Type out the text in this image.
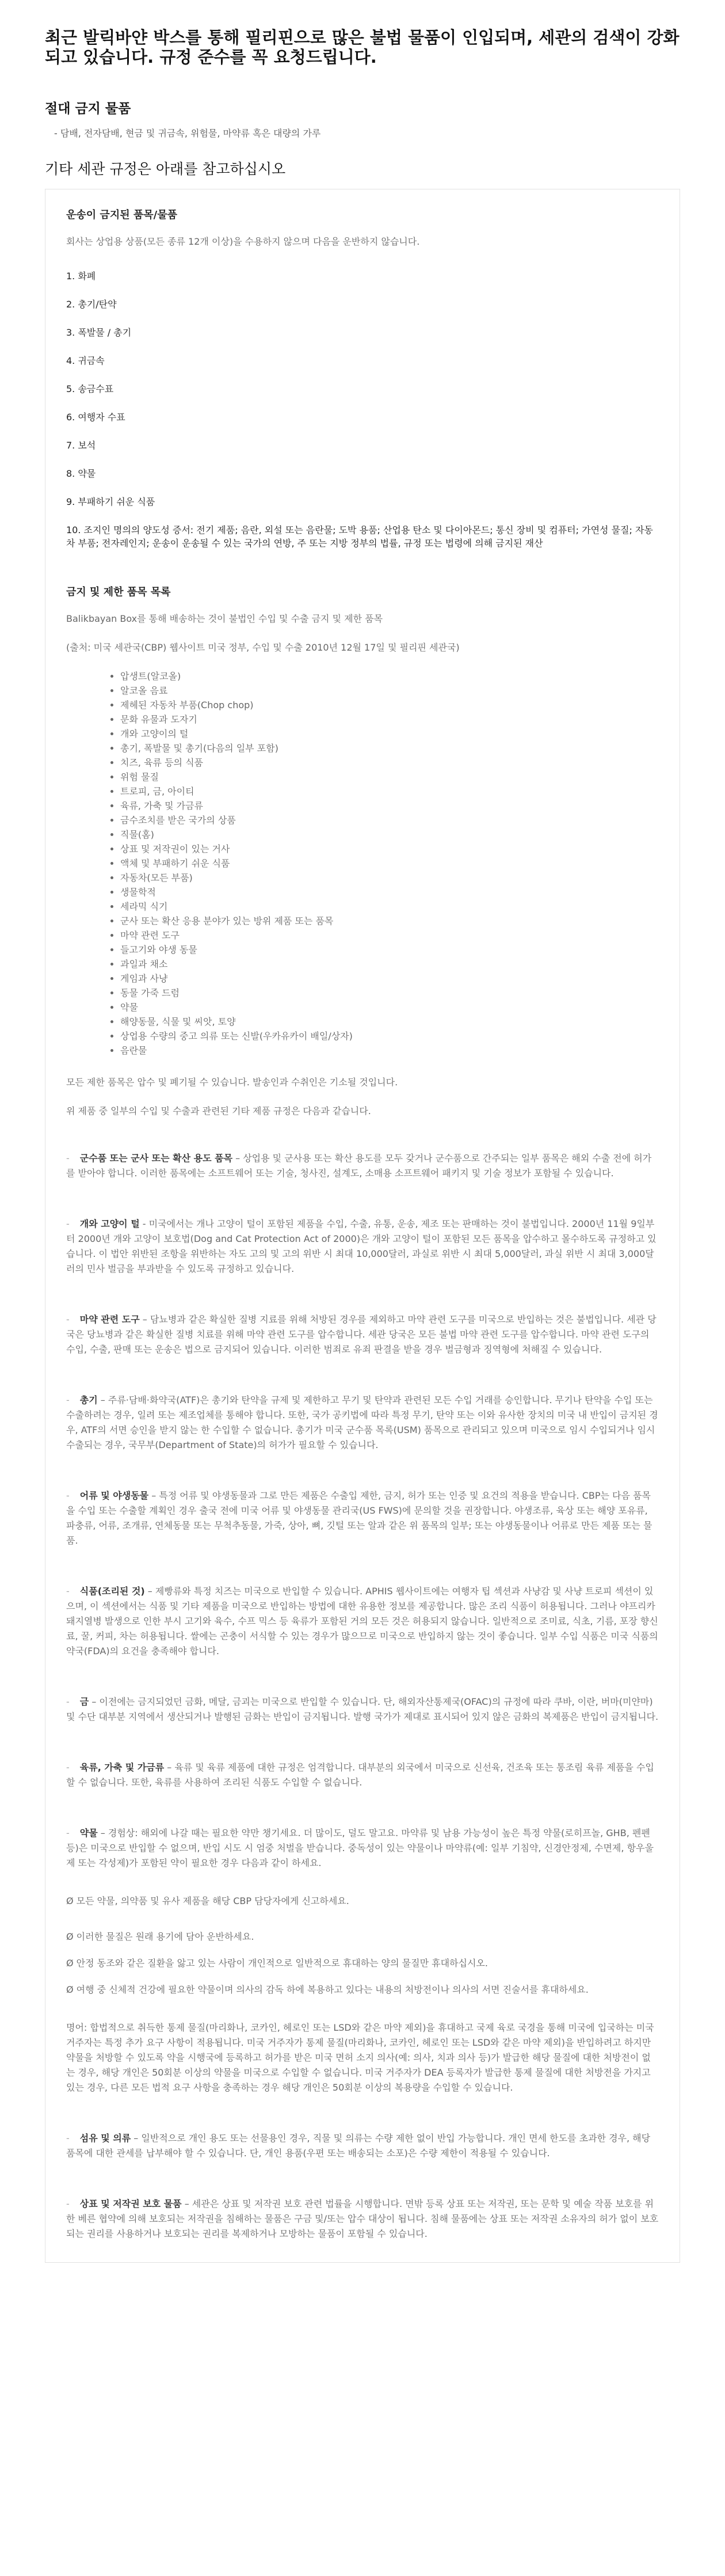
최근 발릭바얀 박스를 통해 필리핀으로 많은 불법 물품이 인입되며, 세관의 검색이 강화되고 있습니다. 규정 준수를 꼭 요청드립니다.
절대 금지 물품
- 담배, 전자담배, 현금 및 귀금속, 위험물, 마약류 혹은 대량의 가루
기타 세관 규정은 아래를 참고하십시오
운송이 금지된 품목/물품

회사는 상업용 상품(모든 종류 12개 이상)을 수용하지 않으며 다음을 운반하지 않습니다.

1. 화폐
2. 총기/탄약
3. 폭발물 / 총기
4. 귀금속
5. 송금수표
6. 여행자 수표
7. 보석
8. 약물
9. 부패하기 쉬운 식품
10. 조지인 명의의 양도성 증서: 전기 제품; 음란, 외설 또는 음란물; 도박 용품; 산업용 탄소 및 다이아몬드; 통신 장비 및 컴퓨터; 가연성 물질; 자동차 부품; 전자레인지; 운송이 운송될 수 있는 국가의 연방, 주 또는 지방 정부의 법률, 규정 또는 법령에 의해 금지된 재산
금지 및 제한 품목 목록

Balikbayan Box를 통해 배송하는 것이 불법인 수입 및 수출 금지 및 제한 품목

(출처: 미국 세관국(CBP) 웹사이트 미국 정부, 수입 및 수출 2010년 12월 17일 및 필리핀 세관국)

• 압생트(알코올)
• 알코올 음료
• 제헤된 자동차 부품(Chop chop)
• 문화 유물과 도자기
• 개와 고양이의 털
• 총기, 폭발물 및 총기(다음의 일부 포함)
• 치즈, 육류 등의 식품
• 위험 물질
• 트로피, 금, 아이티
• 육류, 가축 및 가금류
• 금수조치를 받은 국가의 상품
• 직물(홈)
• 상표 및 저작권이 있는 거사
• 액체 및 부패하기 쉬운 식품
• 자동차(모든 부품)
• 생물학적
• 세라믹 식기
• 군사 또는 확산 응용 분야가 있는 방위 제품 또는 품목
• 마약 관련 도구
• 들고기와 야생 동물
• 과일과 채소
• 게임과 사냥
• 동물 가죽 드럼
• 약물
• 해양동물, 식물 및 씨앗, 토양
• 상업용 수량의 중고 의류 또는 신발(우카유카이 배일/상자)
• 음란물

모든 제한 품목은 압수 및 폐기될 수 있습니다. 발송인과 수취인은 기소될 것입니다.

위 제품 중 일부의 수입 및 수출과 관련된 기타 제품 규정은 다음과 같습니다.

- 군수품 또는 군사 또는 확산 용도 품목 – 상업용 및 군사용 또는 확산 용도를 모두 갖거나 군수품으로 간주되는 일부 품목은 해외 수출 전에 허가를 받아야 합니다. 이러한 품목에는 소프트웨어 또는 기술, 청사진, 설계도, 소매용 소프트웨어 패키지 및 기술 정보가 포함될 수 있습니다.

- 개와 고양이 털 - 미국에서는 개나 고양이 털이 포함된 제품을 수입, 수출, 유통, 운송, 제조 또는 판매하는 것이 불법입니다. 2000년 11월 9일부터 2000년 개와 고양이 보호법(Dog and Cat Protection Act of 2000)은 개와 고양이 털이 포함된 모든 품목을 압수하고 몰수하도록 규정하고 있습니다. 이 법안 위반된 조항을 위반하는 자도 고의 및 고의 위반 시 최대 10,000달러, 과실로 위반 시 최대 5,000달러, 과실 위반 시 최대 3,000달러의 민사 벌금을 부과받을 수 있도록 규정하고 있습니다.

- 마약 관련 도구 – 담뇨병과 같은 확실한 질병 지료를 위해 처방된 경우를 제외하고 마약 관련 도구를 미국으로 반입하는 것은 불법입니다. 세관 당국은 당뇨병과 같은 확실한 질병 치료를 위해 마약 관련 도구를 압수합니다. 세관 당국은 모든 불법 마약 관련 도구를 압수합니다. 마약 관련 도구의 수입, 수출, 판매 또는 운송은 법으로 금지되어 있습니다. 이러한 범죄로 유죄 판결을 받을 경우 벌금형과 징역형에 처해질 수 있습니다.

- 총기 – 주류·담배·화약국(ATF)은 총기와 탄약을 규제 및 제한하고 무기 및 탄약과 관련된 모든 수입 거래를 승인합니다. 무기나 탄약을 수입 또는 수출하려는 경우, 일려 또는 제조업체를 통해야 합니다. 또한, 국가 공키법에 따라 특정 무기, 탄약 또는 이와 유사한 장치의 미국 내 반입이 금지된 경우, ATF의 서면 승인을 받지 않는 한 수입할 수 없습니다. 총기가 미국 군수품 목록(USM) 품목으로 관리되고 있으며 미국으로 임시 수입되거나 임시 수출되는 경우, 국무부(Department of State)의 허가가 필요할 수 있습니다.

- 어류 및 야생동물 – 특정 어류 및 야생동물과 그로 만든 제품은 수출입 제한, 금지, 허가 또는 인증 및 요건의 적용을 받습니다. CBP는 다음 품목을 수입 또는 수출할 계획인 경우 출국 전에 미국 어류 및 야생동물 관리국(US FWS)에 문의할 것을 권장합니다. 야생조류, 육상 또는 해양 포유류, 파충류, 어류, 조개류, 연체동물 또는 무척추동물, 가죽, 상아, 뼈, 깃털 또는 알과 같은 위 품목의 일부; 또는 야생동물이나 어류로 만든 제품 또는 물품.

- 식품(조리된 것) – 제빵류와 특정 치즈는 미국으로 반입할 수 있습니다. APHIS 웹사이트에는 여행자 팁 섹션과 사냥감 및 사냥 트로피 섹션이 있으며, 이 섹션에서는 식품 및 기타 제품을 미국으로 반입하는 방법에 대한 유용한 정보를 제공합니다. 많은 조리 식품이 허용됩니다. 그러나 야프리카 돼지열병 발생으로 인한 부시 고기와 육수, 수프 믹스 등 육류가 포함된 거의 모든 것은 허용되지 않습니다. 일반적으로 조미료, 식초, 기름, 포장 향신료, 꿀, 커피, 차는 허용됩니다. 쌀에는 곤충이 서식할 수 있는 경우가 많으므로 미국으로 반입하지 않는 것이 좋습니다. 일부 수입 식품은 미국 식품의약국(FDA)의 요건을 충족해야 합니다.

- 금 – 이전에는 금지되었던 금화, 메달, 금괴는 미국으로 반입할 수 있습니다. 단, 해외자산통제국(OFAC)의 규정에 따라 쿠바, 이란, 버마(미얀마) 및 수단 대부분 지역에서 생산되거나 발행된 금화는 반입이 금지됩니다. 발행 국가가 제대로 표시되어 있지 않은 금화의 복제품은 반입이 금지됩니다.

- 육류, 가축 및 가금류 – 육류 및 육류 제품에 대한 규정은 엄격합니다. 대부분의 외국에서 미국으로 신선육, 건조육 또는 통조림 육류 제품을 수입할 수 없습니다. 또한, 육류를 사용하여 조리된 식품도 수입할 수 없습니다.

- 약물 – 경험상: 해외에 나갈 때는 필요한 약만 챙기세요. 더 많이도, 덜도 말고요. 마약류 및 남용 가능성이 높은 특정 약물(로히프놀, GHB, 펜펜 등)은 미국으로 반입할 수 없으며, 반입 시도 시 엄중 처벌을 받습니다. 중독성이 있는 약물이나 마약류(예: 일부 기침약, 신경안정제, 수면제, 항우울제 또는 각성제)가 포함된 약이 필요한 경우 다음과 같이 하세요.

Ø 모든 약물, 의약품 및 유사 제품을 해당 CBP 담당자에게 신고하세요.

Ø 이러한 물질은 원래 용기에 담아 운반하세요.

Ø 안정 동조와 같은 질환을 앓고 있는 사람이 개인적으로 일반적으로 휴대하는 양의 물질만 휴대하십시오.

Ø 여행 중 신체적 건강에 필요한 약물이며 의사의 감독 하에 복용하고 있다는 내용의 처방전이나 의사의 서면 진술서를 휴대하세요.

명어: 합법적으로 취득한 통제 물질(마리화나, 코카인, 헤로인 또는 LSD와 같은 마약 제외)을 휴대하고 국제 육로 국경을 통해 미국에 입국하는 미국 거주자는 특정 추가 요구 사항이 적용됩니다. 미국 거주자가 통제 물질(마리화나, 코카인, 헤로인 또는 LSD와 같은 마약 제외)을 반입하려고 하지만 약물을 처방할 수 있도록 약을 시행국에 등록하고 허가를 받은 미국 면허 소지 의사(예: 의사, 치과 의사 등)가 발급한 해당 물질에 대한 처방전이 없는 경우, 해당 개인은 50회분 이상의 약물을 미국으로 수입할 수 없습니다. 미국 거주자가 DEA 등록자가 발급한 통제 물질에 대한 처방전을 가지고 있는 경우, 다른 모든 법적 요구 사항을 충족하는 경우 해당 개인은 50회분 이상의 복용량을 수입할 수 있습니다.

- 섬유 및 의류 – 일반적으로 개인 용도 또는 선물용인 경우, 직물 및 의류는 수량 제한 없이 반입 가능합니다. 개인 면세 한도를 초과한 경우, 해당 품목에 대한 관세를 납부해야 할 수 있습니다. 단, 개인 용품(우편 또는 배송되는 소포)은 수량 제한이 적용될 수 있습니다.

- 상표 및 저작권 보호 물품 – 세관은 상표 및 저작권 보호 관련 법률을 시행합니다. 면밖 등록 상표 또는 저작권, 또는 문학 및 예술 작품 보호를 위한 베른 협약에 의해 보호되는 저작권을 침해하는 물품은 구금 및/또는 압수 대상이 됩니다. 침해 물품에는 상표 또는 저작권 소유자의 허가 없이 보호되는 권리를 사용하거나 보호되는 권리를 복제하거나 모방하는 물품이 포함될 수 있습니다.
